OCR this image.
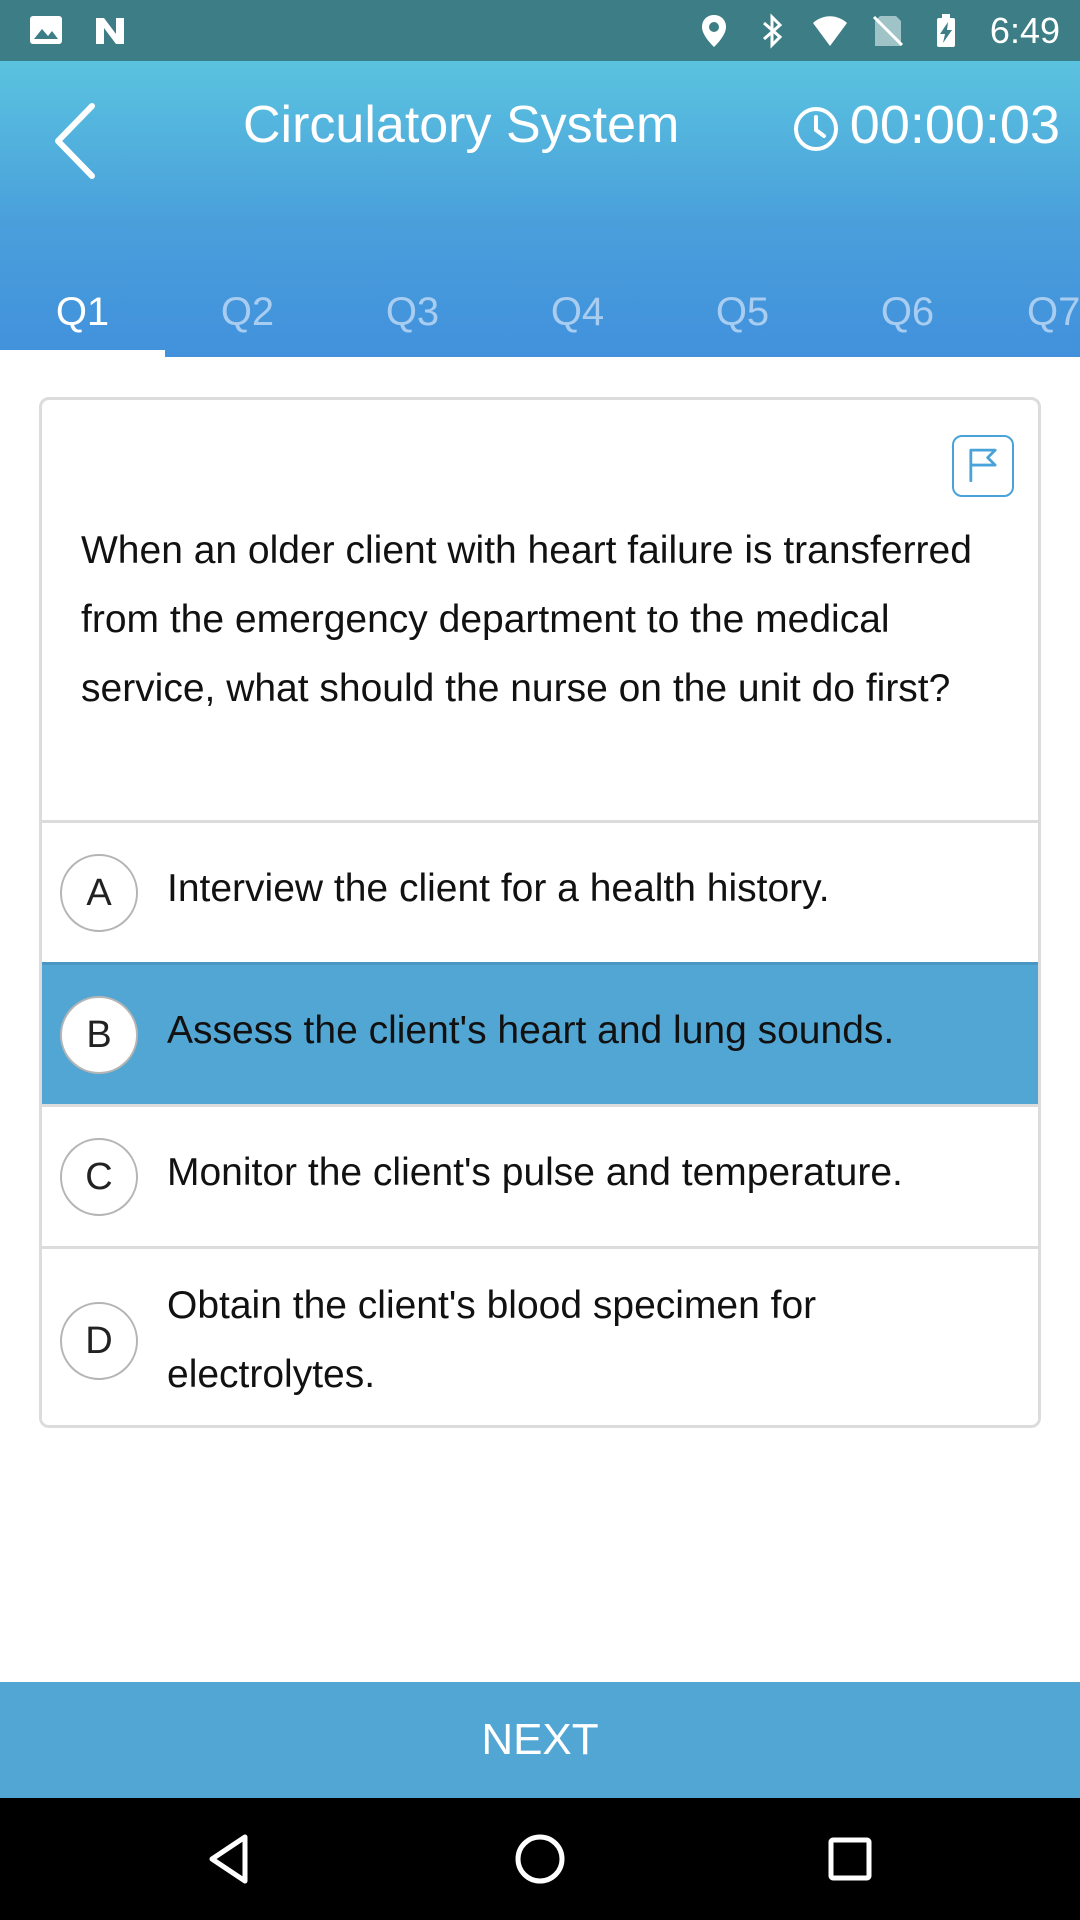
6:49
Circulatory System	00:00:03
Q1	Q2	Q3	Q4	Q5	Q6	Q7
When an older client with heart failure is transferred from the emergency department to the medical service, what should the nurse on the unit do first?
A	Interview the client for a health history.
B	Assess the client's heart and lung sounds.
C	Monitor the client's pulse and temperature.
D
Obtain the client's blood specimen for electrolytes.
NEXT
